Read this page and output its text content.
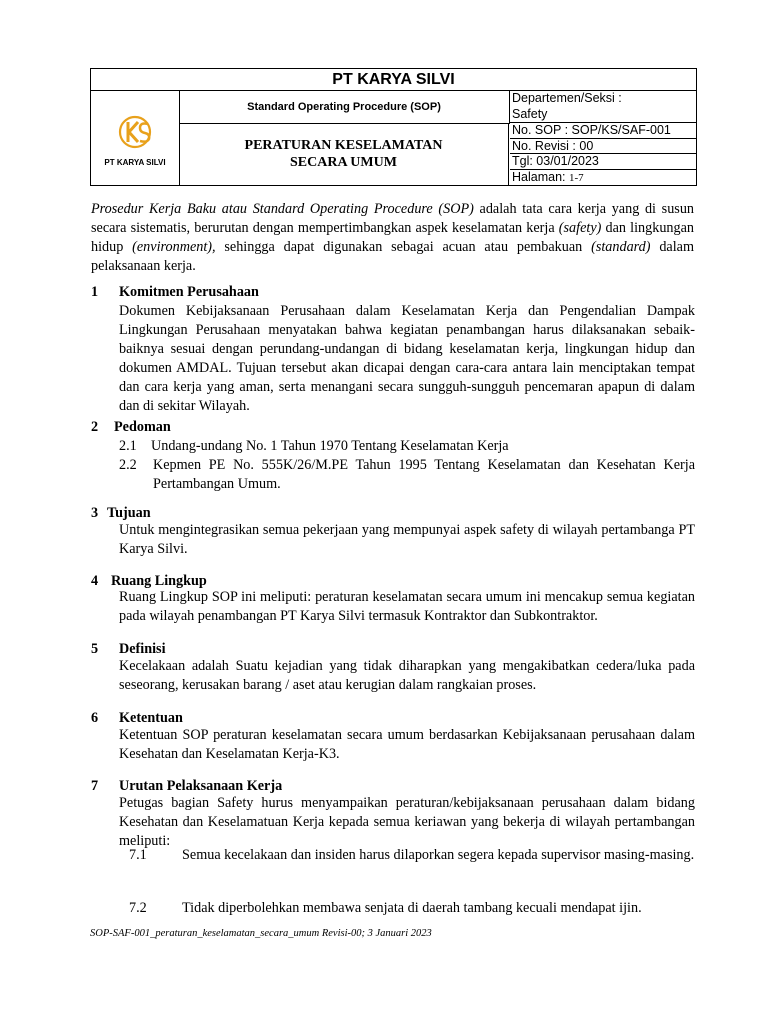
PT KARYA SILVI
PT KARYA SILVI
Standard Operating Procedure (SOP)
PERATURAN KESELAMATAN SECARA UMUM
Departemen/Seksi :
Safety
No. SOP : SOP/KS/SAF-001
No. Revisi : 00
Tgl: 03/01/2023
Halaman: 1-7
Prosedur Kerja Baku atau Standard Operating Procedure (SOP) adalah tata cara kerja yang di susun secara sistematis, berurutan dengan mempertimbangkan aspek keselamatan kerja (safety) dan lingkungan hidup (environment), sehingga dapat digunakan sebagai acuan atau pembakuan (standard) dalam pelaksanaan kerja.
1 Komitmen Perusahaan
Dokumen Kebijaksanaan Perusahaan dalam Keselamatan Kerja dan Pengendalian Dampak Lingkungan Perusahaan menyatakan bahwa kegiatan penambangan harus dilaksanakan sebaik-baiknya sesuai dengan perundang-undangan di bidang keselamatan kerja, lingkungan hidup dan dokumen AMDAL. Tujuan tersebut akan dicapai dengan cara-cara antara lain menciptakan tempat dan cara kerja yang aman, serta menangani secara sungguh-sungguh pencemaran apapun di dalam dan di sekitar Wilayah.
2 Pedoman
2.1 Undang-undang No. 1 Tahun 1970 Tentang Keselamatan Kerja
2.2 Kepmen PE No. 555K/26/M.PE Tahun 1995 Tentang Keselamatan dan Kesehatan Kerja Pertambangan Umum.
3 Tujuan
Untuk mengintegrasikan semua pekerjaan yang mempunyai aspek safety di wilayah pertambanga PT Karya Silvi.
4 Ruang Lingkup
Ruang Lingkup SOP ini meliputi: peraturan keselamatan secara umum ini mencakup semua kegiatan pada wilayah penambangan PT Karya Silvi termasuk Kontraktor dan Subkontraktor.
5 Definisi
Kecelakaan adalah Suatu kejadian yang tidak diharapkan yang mengakibatkan cedera/luka pada seseorang, kerusakan barang / aset atau kerugian dalam rangkaian proses.
6 Ketentuan
Ketentuan SOP peraturan keselamatan secara umum berdasarkan Kebijaksanaan perusahaan dalam Kesehatan dan Keselamatan Kerja-K3.
7 Urutan Pelaksanaan Kerja
Petugas bagian Safety hurus menyampaikan peraturan/kebijaksanaan perusahaan dalam bidang Kesehatan dan Keselamatuan Kerja kepada semua keriawan yang bekerja di wilayah pertambangan meliputi:
7.1 Semua kecelakaan dan insiden harus dilaporkan segera kepada supervisor masing-masing.
7.2 Tidak diperbolehkan membawa senjata di daerah tambang kecuali mendapat ijin.
SOP-SAF-001_peraturan_keselamatan_secara_umum Revisi-00; 3 Januari 2023
